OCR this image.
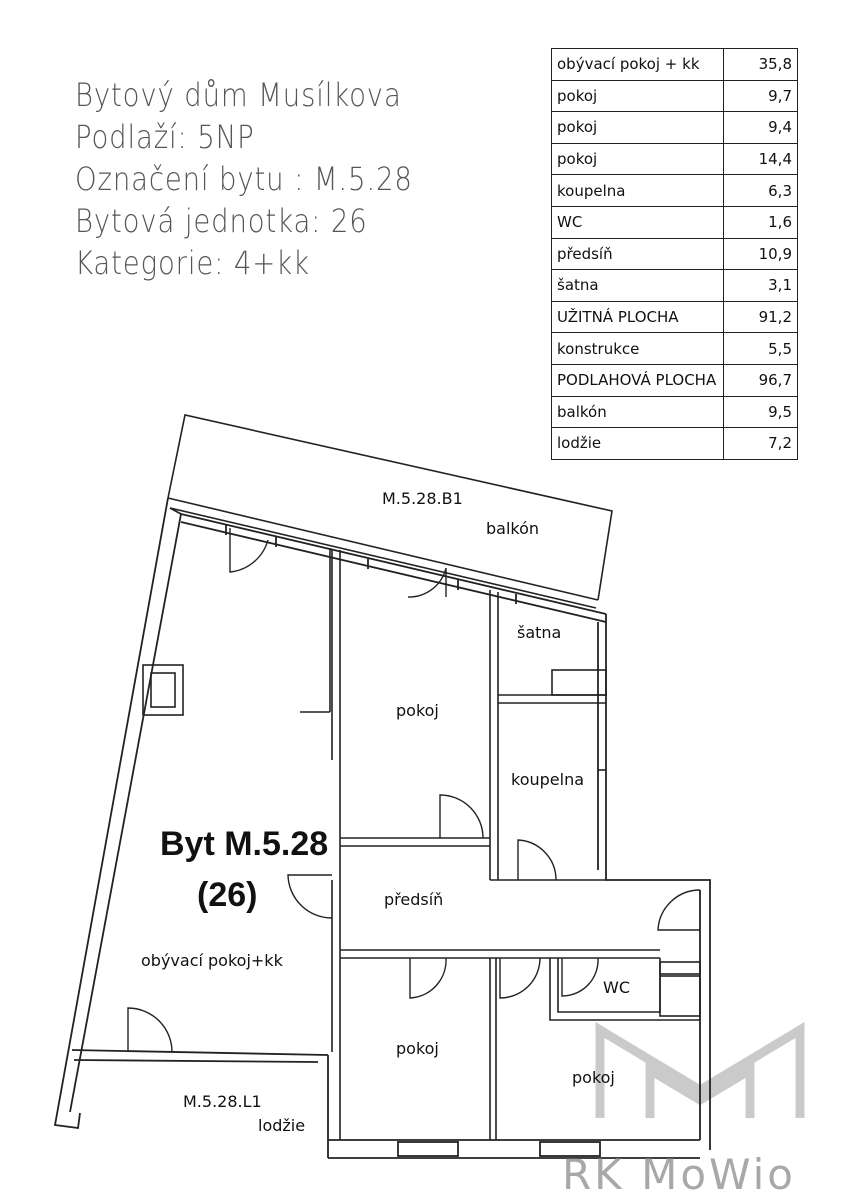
Bytový dům Musílkova
Podlaží: 5NP
Označení bytu : M.5.28
Bytová jednotka: 26
Kategorie: 4+kk
obývací pokoj + kk	35,8
pokoj	9,7
pokoj	9,4
pokoj	14,4
koupelna	6,3
WC	1,6
předsíň	10,9
šatna	3,1
UŽITNÁ PLOCHA	91,2
konstrukce	5,5
PODLAHOVÁ PLOCHA	96,7
balkón	9,5
lodžie	7,2
M.5.28.B1
balkón
šatna
pokoj
koupelna
Byt M.5.28
(26)	předsíň
obývací pokoj+kk
WC
pokoj
pokoj
M.5.28.L1
lodžie
RK MoWio
